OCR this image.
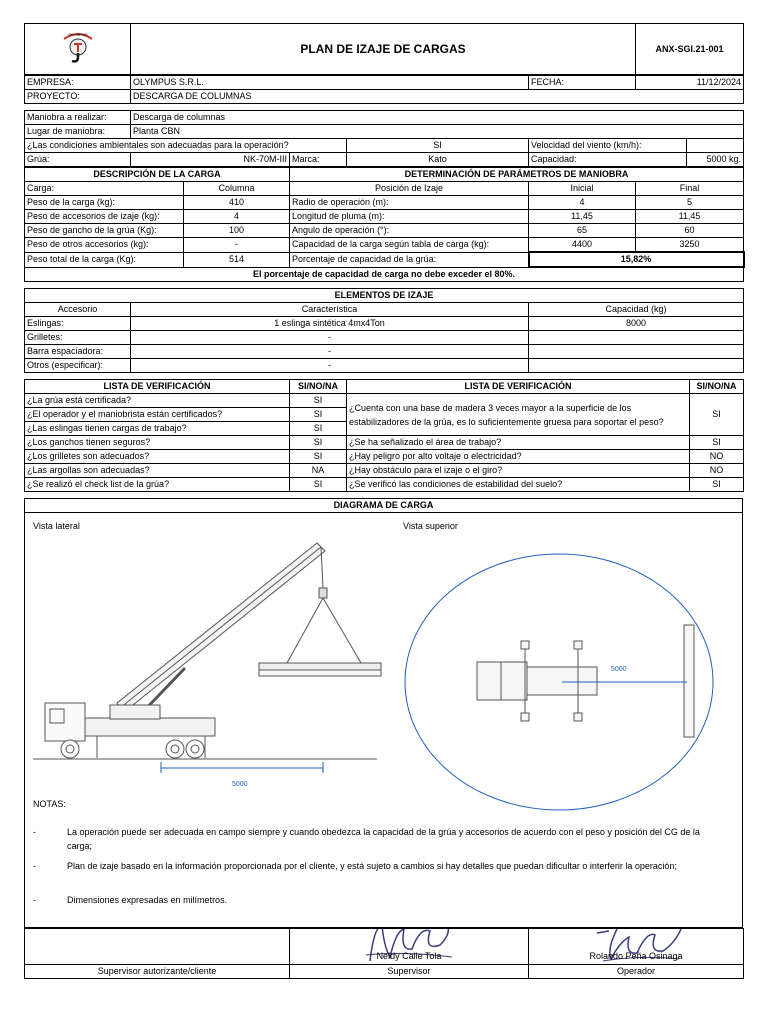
OLYMPUS
	PLAN DE IZAJE DE CARGAS	ANX-SGI.21-001
EMPRESA:	OLYMPUS S.R.L.	FECHA:	11/12/2024
PROYECTO:	DESCARGA DE COLUMNAS		
Maniobra a realizar:	Descarga de columnas				
Lugar de maniobra:	Planta CBN				
¿Las condiciones ambientales son adecuadas para la operación?			SI	Velocidad del viento (km/h):	
Grúa:	NK-70M-III	Marca:	Kato	Capacidad:	5000 kg.
DESCRIPCIÓN DE LA CARGA		DETERMINACIÓN DE PARÁMETROS DE MANIOBRA		
Carga:	Columna	Posición de Izaje	Inicial	Final
Peso de la carga (kg):	410	Radio de operación (m):	4	5
Peso de accesorios de izaje (kg):	4	Longitud de pluma (m):	11,45	11,45
Peso de gancho de la grúa (Kg):	100	Angulo de operación (°):	65	60
Peso de otros accesorios (kg):	-	Capacidad de la carga según tabla de carga (kg):	4400	3250
Peso total de la carga (Kg):	514	Porcentaje de capacidad de la grúa:	15,82%	
El porcentaje de capacidad de carga no debe exceder el 80%.				
ELEMENTOS DE IZAJE		
Accesorio	Característica	Capacidad (kg)
Eslingas:	1 eslinga sintética 4mx4Ton	8000
Grilletes:	-	
Barra espaciadora:	-	
Otros (especificar):	-	
LISTA DE VERIFICACIÓN	SI/NO/NA	LISTA DE VERIFICACIÓN	SI/NO/NA
¿La grúa está certificada?	SI	¿Cuenta con una base de madera 3 veces mayor a la superficie de los estabilizadores de la grúa, es lo suficientemente gruesa para soportar el peso?	SI
¿El operador y el maniobrista están certificados?	SI		
¿Las eslingas tienen cargas de trabajo?	SI		
¿Los ganchos tienen seguros?	SI	¿Se ha señalizado el área de trabajo?	SI
¿Los grilletes son adecuados?	SI	¿Hay peligro por alto voltaje o electricidad?	NO
¿Las argollas son adecuadas?	NA	¿Hay obstáculo para el izaje o el giro?	NO
¿Se realizó el check list de la grúa?	SI	¿Se verificó las condiciones de estabilidad del suelo?	SI
DIAGRAMA DE CARGA
Vista lateral	Vista superior
5000
5000
NOTAS:
-	La operación puede ser adecuada en campo siempre y cuando obedezca la capacidad de la grúa y accesorios de acuerdo con el peso y posición del CG de la carga;
-	Plan de izaje basado en la información proporcionada por el cliente, y está sujeto a cambios si hay detalles que puedan dificultar o interferir la operación;
-	Dimensiones expresadas en milímetros.

	Neidy Calle Tola	Rolando Peña Osinaga

Supervisor autorizante/cliente	Supervisor	Operador
